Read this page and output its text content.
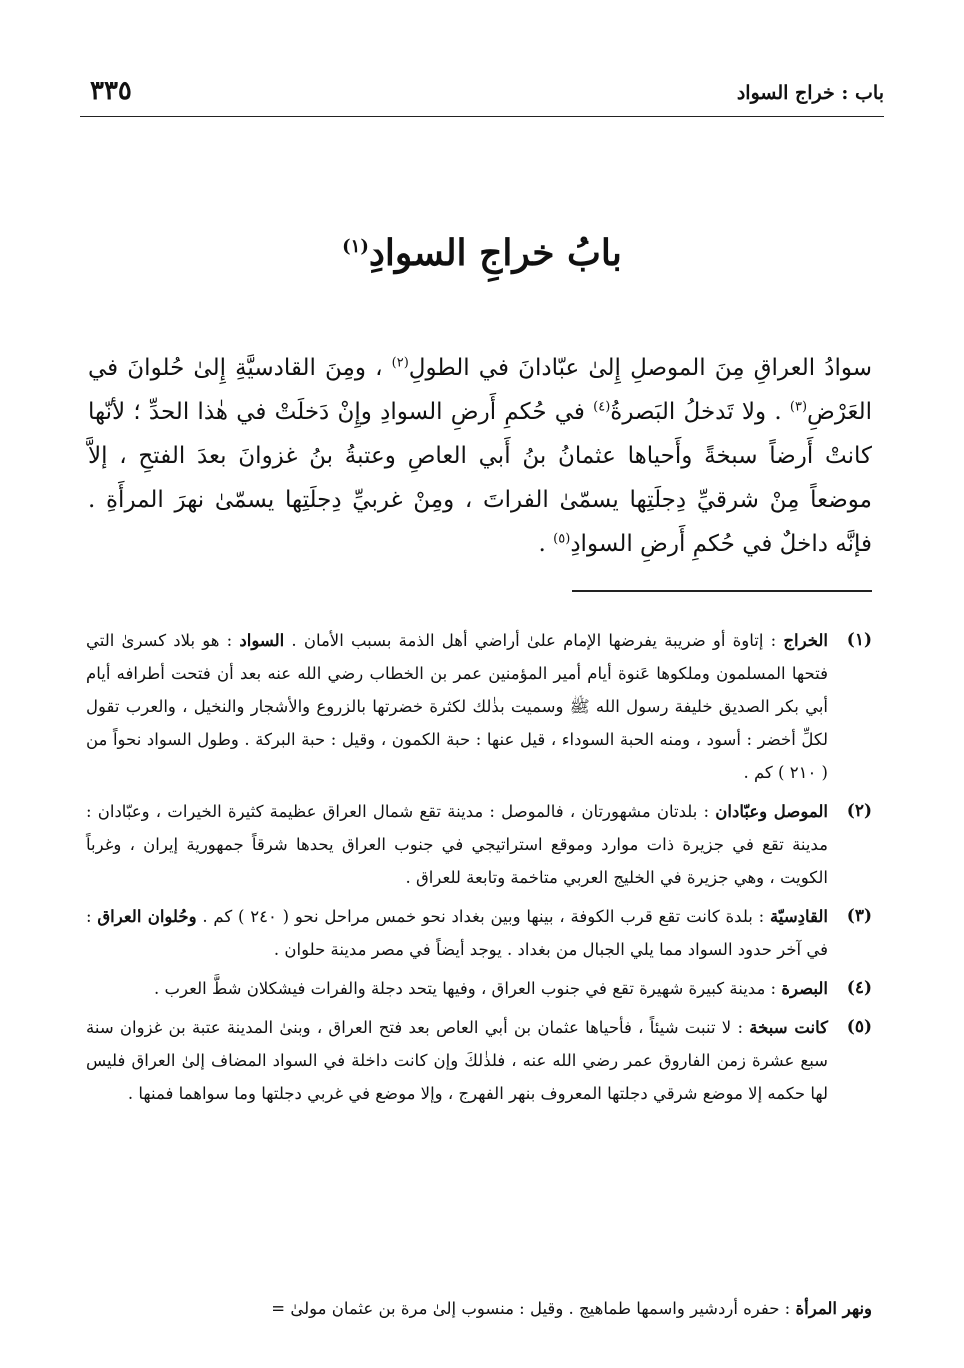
باب : خراج السواد
٣٣٥
بابُ خراجِ السوادِ$^{(١)}$

سوادُ العراقِ مِنَ الموصلِ إِلىٰ عبّادانَ في الطولِ$^{(٢)}$ ، ومِنَ القادسيَّةِ إِلىٰ حُلوانَ في العَرْضِ$^{(٣)}$ . ولا تَدخلُ البَصرةُ$^{(٤)}$ في حُكمِ أَرضِ السوادِ وإِنْ دَخلَتْ في هٰذا الحدِّ ؛ لأنّها كانتْ أَرضاً سبخةً وأَحياها عثمانُ بنُ أَبي العاصِ وعتبةُ بنُ غزوانَ بعدَ الفتحِ ، إلاَّ موضعاً مِنْ شرقيِّ دِجلَتِها يسمّىٰ الفراتَ ، ومِنْ غربيِّ دِجلَتِها يسمّىٰ نهرَ المرأَةِ . فإنَّه داخلٌ في حُكمِ أَرضِ السوادِ$^{(٥)}$ .

(١)

الخراج : إتاوة أو ضريبة يفرضها الإمام علىٰ أراضي أهل الذمة بسبب الأمان . السواد : هو بلاد كسرىٰ التي فتحها المسلمون وملكوها عَنوة أيام أمير المؤمنين عمر بن الخطاب رضي الله عنه بعد أن فتحت أطرافه أيام أبي بكر الصديق خليفة رسول الله ﷺ وسميت بذٰلك لكثرة خضرتها بالزروع والأشجار والنخيل ، والعرب تقول لكلِّ أخضر : أسود ، ومنه الحبة السوداء ، قيل عنها : حبة الكمون ، وقيل : حبة البركة . وطول السواد نحواً من ( ٢١٠ ) كم .

(٢)

الموصل وعبّادان : بلدتان مشهورتان ، فالموصل : مدينة تقع شمال العراق عظيمة كثيرة الخيرات ، وعبّادان : مدينة تقع في جزيرة ذات موارد وموقع استراتيجي في جنوب العراق يحدها شرقاً جمهورية إيران ، وغرباً الكويت ، وهي جزيرة في الخليج العربي متاخمة وتابعة للعراق .

(٣)

القادِسيّة : بلدة كانت تقع قرب الكوفة ، بينها وبين بغداد نحو خمس مراحل نحو ( ٢٤٠ ) كم . وحُلوان العراق : في آخر حدود السواد مما يلي الجبال من بغداد . يوجد أيضاً في مصر مدينة حلوان .

(٤)

البصرة : مدينة كبيرة شهيرة تقع في جنوب العراق ، وفيها يتحد دجلة والفرات فيشكلان شطَّ العرب .

(٥)

كانت سبخة : لا تنبت شيئاً ، فأحياها عثمان بن أبي العاص بعد فتح العراق ، وبنىٰ المدينة عتبة بن غزوان سنة سبع عشرة زمن الفاروق عمر رضي الله عنه ، فلذٰلكَ وإن كانت داخلة في السواد المضاف إلىٰ العراق فليس لها حكمه إلا موضع شرقي دجلتها المعروف بنهر الفهرج ، وإلا موضع في غربي دجلتها وما سواهما فمنها .

ونهر المرأة : حفره أردشير واسمها طماهيج . وقيل : منسوب إلىٰ مرة بن عثمان مولىٰ =
